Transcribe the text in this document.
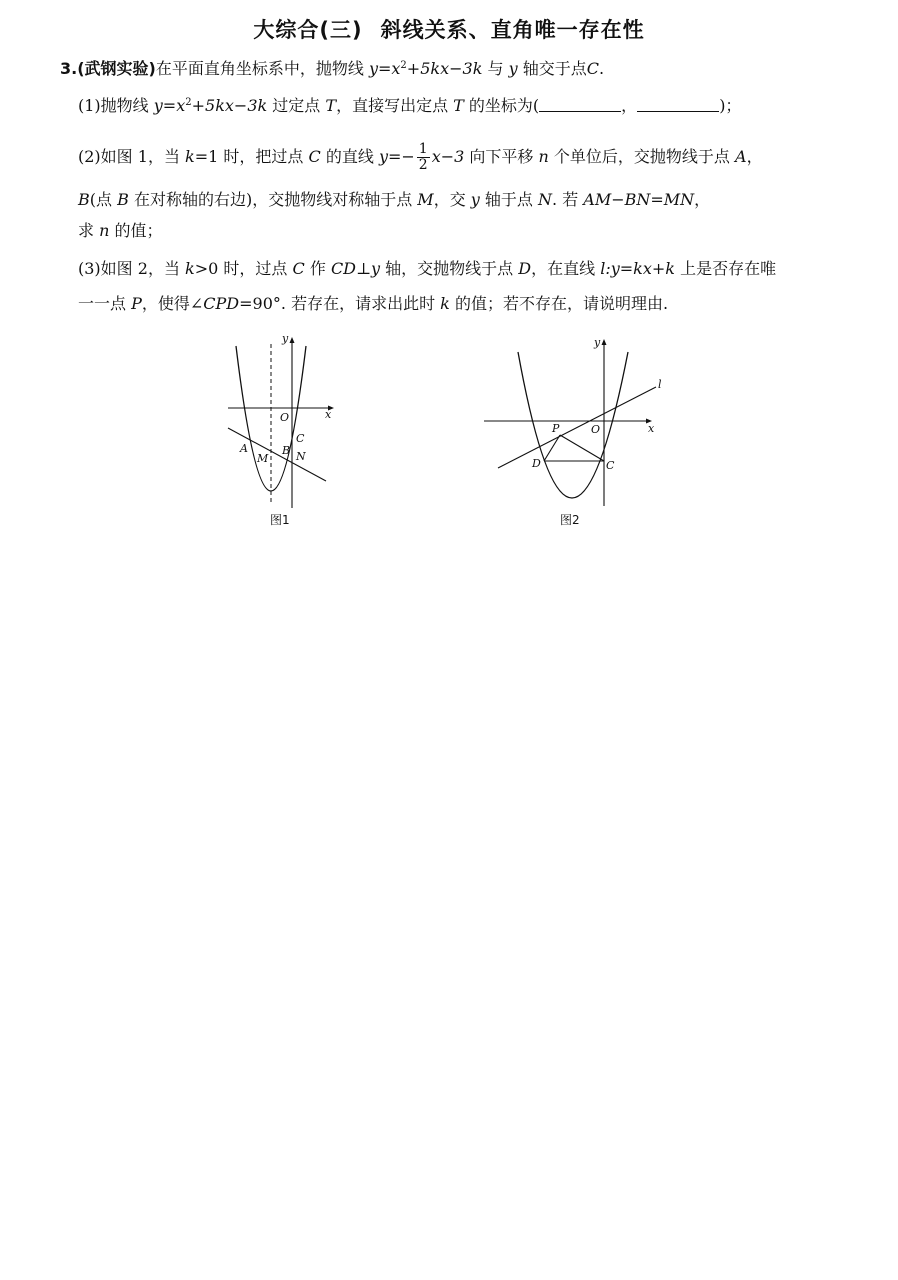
大综合(三) 斜线关系、直角唯一存在性
3.(武钢实验)在平面直角坐标系中，抛物线 $y=x^2+5kx-3k$ 与 y 轴交于点C.
(1)抛物线 $y=x^2+5kx-3k$ 过定点 T，直接写出定点 T 的坐标为(	，	)；
(2)如图 1，当 k=1 时，把过点 C 的直线 $y=- \frac{1}{2} x-3$ 向下平移 n 个单位后，交抛物线于点 A，
B(点 B 在对称轴的右边)，交抛物线对称轴于点 M，交 y 轴于点 N. 若 AM−BN=MN，
求 n 的值；
(3)如图 2，当 k>0 时，过点 C 作 CD⊥y 轴，交抛物线于点 D，在直线 l:y=kx+k 上是否存在唯
一一点 P，使得∠CPD=90°. 若存在，请求出此时 k 的值；若不存在，请说明理由.
y
x
O
C
A
M
B N
图1
y
x
O
l
P
D	C
图2
